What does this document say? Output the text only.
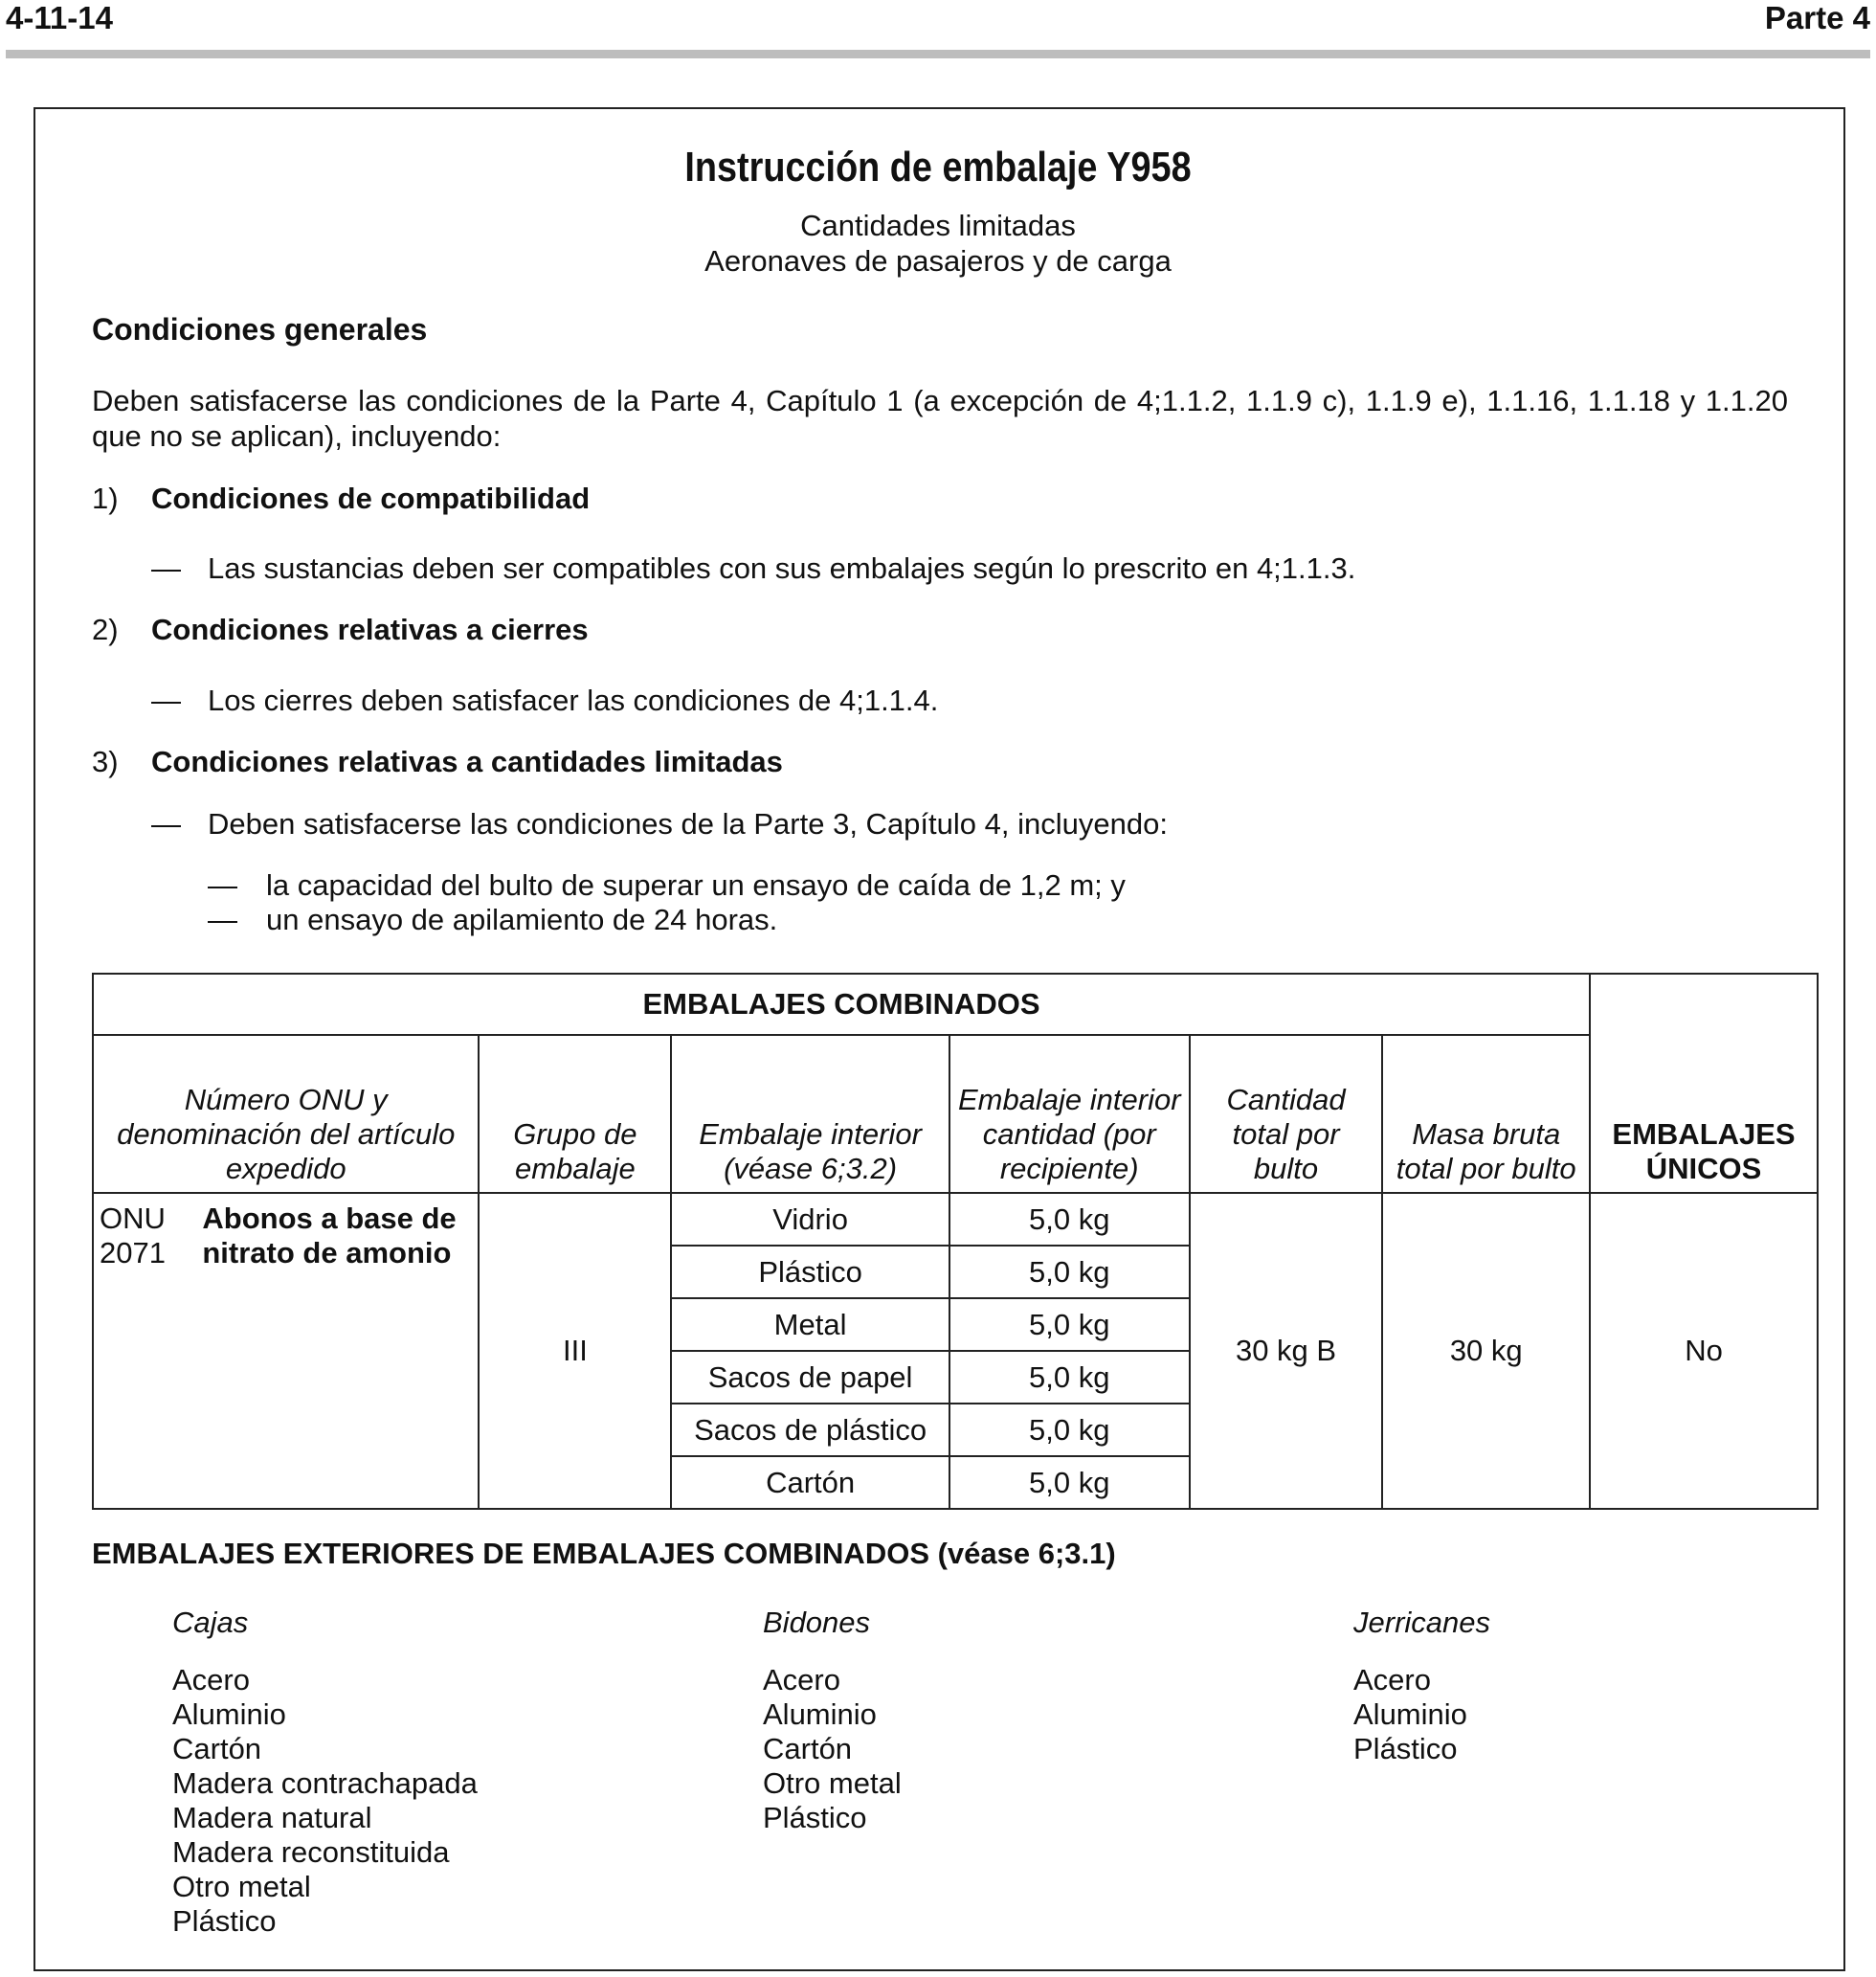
4-11-14	Parte 4
Instrucción de embalaje Y958
Cantidades limitadas
Aeronaves de pasajeros y de carga
Condiciones generales
Deben satisfacerse las condiciones de la Parte 4, Capítulo 1 (a excepción de 4;1.1.2, 1.1.9 c), 1.1.9 e), 1.1.16, 1.1.18 y 1.1.20 que no se aplican), incluyendo:
1) Condiciones de compatibilidad
— Las sustancias deben ser compatibles con sus embalajes según lo prescrito en 4;1.1.3.
2) Condiciones relativas a cierres
— Los cierres deben satisfacer las condiciones de 4;1.1.4.
3) Condiciones relativas a cantidades limitadas
— Deben satisfacerse las condiciones de la Parte 3, Capítulo 4, incluyendo:
— la capacidad del bulto de superar un ensayo de caída de 1,2 m; y
— un ensayo de apilamiento de 24 horas.
EMBALAJES COMBINADOS						EMBALAJES ÚNICOS
Número ONU y denominación del artículo expedido	Grupo de embalaje	Embalaje interior (véase 6;3.2)	Embalaje interior cantidad (por recipiente)	Cantidad total por bulto	Masa bruta total por bulto	

ONU 2071
Abonos a base de nitrato de amonio	III	Vidrio	5,0 kg	30 kg B	30 kg	No
		Plástico	5,0 kg			
		Metal	5,0 kg			
		Sacos de papel	5,0 kg			
		Sacos de plástico	5,0 kg			
		Cartón	5,0 kg			
EMBALAJES EXTERIORES DE EMBALAJES COMBINADOS (véase 6;3.1)
Cajas
Acero
Aluminio
Cartón
Madera contrachapada
Madera natural
Madera reconstituida
Otro metal
Plástico
Bidones
Acero
Aluminio
Cartón
Otro metal
Plástico
Jerricanes
Acero
Aluminio
Plástico
